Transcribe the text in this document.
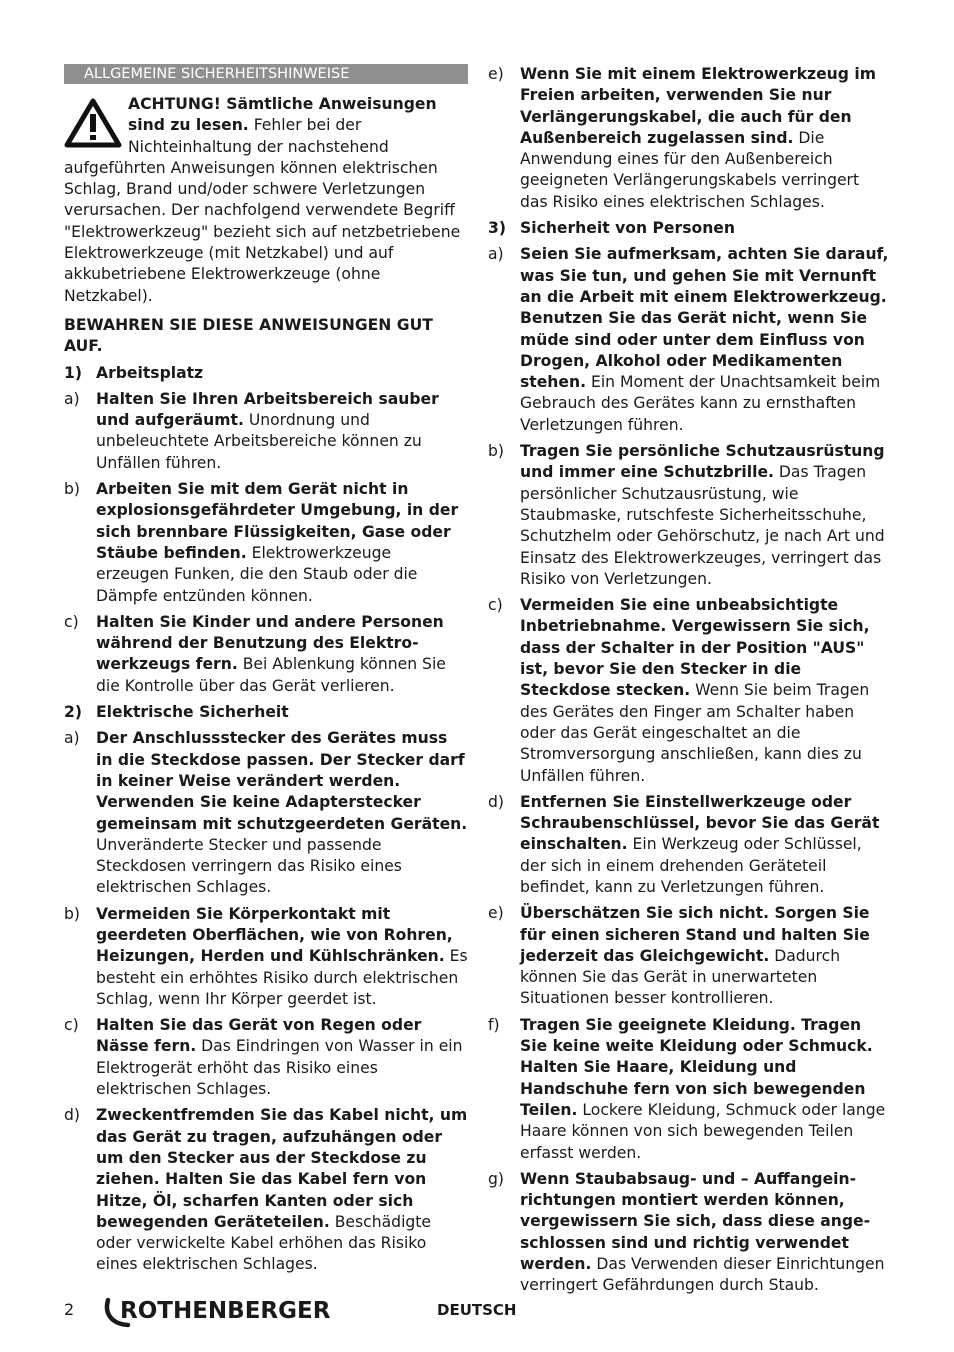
ALLGEMEINE SICHERHEITSHINWEISE

ACHTUNG! Sämtliche Anweisungen sind zu lesen. Fehler bei der Nichteinhaltung der nachstehend aufgeführten Anweisungen können elektrischen Schlag, Brand und/oder schwere Verletzungen verursachen. Der nachfolgend verwendete Begriff "Elektrowerkzeug" bezieht sich auf netzbetriebene Elektrowerkzeuge (mit Netzkabel) und auf akkubetriebene Elektrowerkzeuge (ohne Netzkabel).

BEWAHREN SIE DIESE ANWEISUNGEN GUT AUF.

1) Arbeitsplatz
a)	Halten Sie Ihren Arbeitsbereich sauber und aufgeräumt. Unordnung und unbeleuchtete Arbeitsbereiche können zu Unfällen führen.
b)	Arbeiten Sie mit dem Gerät nicht in explosionsgefährdeter Umgebung, in der sich brennbare Flüssigkeiten, Gase oder Stäube befinden. Elektrowerkzeuge erzeugen Funken, die den Staub oder die Dämpfe entzünden können.
c)	Halten Sie Kinder und andere Personen während der Benutzung des Elektro-werkzeugs fern. Bei Ablenkung können Sie die Kontrolle über das Gerät verlieren.
2) Elektrische Sicherheit
a)	Der Anschlussstecker des Gerätes muss in die Steckdose passen. Der Stecker darf in keiner Weise verändert werden. Verwenden Sie keine Adapterstecker gemeinsam mit schutzgeerdeten Geräten. Unveränderte Stecker und passende Steckdosen verringern das Risiko eines elektrischen Schlages.
b)	Vermeiden Sie Körperkontakt mit geerdeten Oberflächen, wie von Rohren, Heizungen, Herden und Kühlschränken. Es besteht ein erhöhtes Risiko durch elektrischen Schlag, wenn Ihr Körper geerdet ist.
c)	Halten Sie das Gerät von Regen oder Nässe fern. Das Eindringen von Wasser in ein Elektrogerät erhöht das Risiko eines elektrischen Schlages.
d)	Zweckentfremden Sie das Kabel nicht, um das Gerät zu tragen, aufzuhängen oder um den Stecker aus der Steckdose zu ziehen. Halten Sie das Kabel fern von Hitze, Öl, scharfen Kanten oder sich bewegenden Geräteteilen. Beschädigte oder verwickelte Kabel erhöhen das Risiko eines elektrischen Schlages.
e)	Wenn Sie mit einem Elektrowerkzeug im Freien arbeiten, verwenden Sie nur Verlängerungskabel, die auch für den Außenbereich zugelassen sind. Die Anwendung eines für den Außenbereich geeigneten Verlängerungskabels verringert das Risiko eines elektrischen Schlages.
3) Sicherheit von Personen
a)	Seien Sie aufmerksam, achten Sie darauf, was Sie tun, und gehen Sie mit Vernunft an die Arbeit mit einem Elektrowerkzeug. Benutzen Sie das Gerät nicht, wenn Sie müde sind oder unter dem Einfluss von Drogen, Alkohol oder Medikamenten stehen. Ein Moment der Unachtsamkeit beim Gebrauch des Gerätes kann zu ernsthaften Verletzungen führen.
b)	Tragen Sie persönliche Schutzausrüstung und immer eine Schutzbrille. Das Tragen persönlicher Schutzausrüstung, wie Staubmaske, rutschfeste Sicherheitsschuhe, Schutzhelm oder Gehörschutz, je nach Art und Einsatz des Elektrowerkzeuges, verringert das Risiko von Verletzungen.
c)	Vermeiden Sie eine unbeabsichtigte Inbetriebnahme. Vergewissern Sie sich, dass der Schalter in der Position "AUS" ist, bevor Sie den Stecker in die Steckdose stecken. Wenn Sie beim Tragen des Gerätes den Finger am Schalter haben oder das Gerät eingeschaltet an die Stromversorgung anschließen, kann dies zu Unfällen führen.
d)	Entfernen Sie Einstellwerkzeuge oder Schraubenschlüssel, bevor Sie das Gerät einschalten. Ein Werkzeug oder Schlüssel, der sich in einem drehenden Geräteteil befindet, kann zu Verletzungen führen.
e)	Überschätzen Sie sich nicht. Sorgen Sie für einen sicheren Stand und halten Sie jederzeit das Gleichgewicht. Dadurch können Sie das Gerät in unerwarteten Situationen besser kontrollieren.
f)	Tragen Sie geeignete Kleidung. Tragen Sie keine weite Kleidung oder Schmuck. Halten Sie Haare, Kleidung und Handschuhe fern von sich bewegenden Teilen. Lockere Kleidung, Schmuck oder lange Haare können von sich bewegenden Teilen erfasst werden.
g)	Wenn Staubabsaug- und – Auffangein-richtungen montiert werden können, vergewissern Sie sich, dass diese ange-schlossen sind und richtig verwendet werden. Das Verwenden dieser Einrichtungen verringert Gefährdungen durch Staub.
2 ROTHENBERGER	DEUTSCH
